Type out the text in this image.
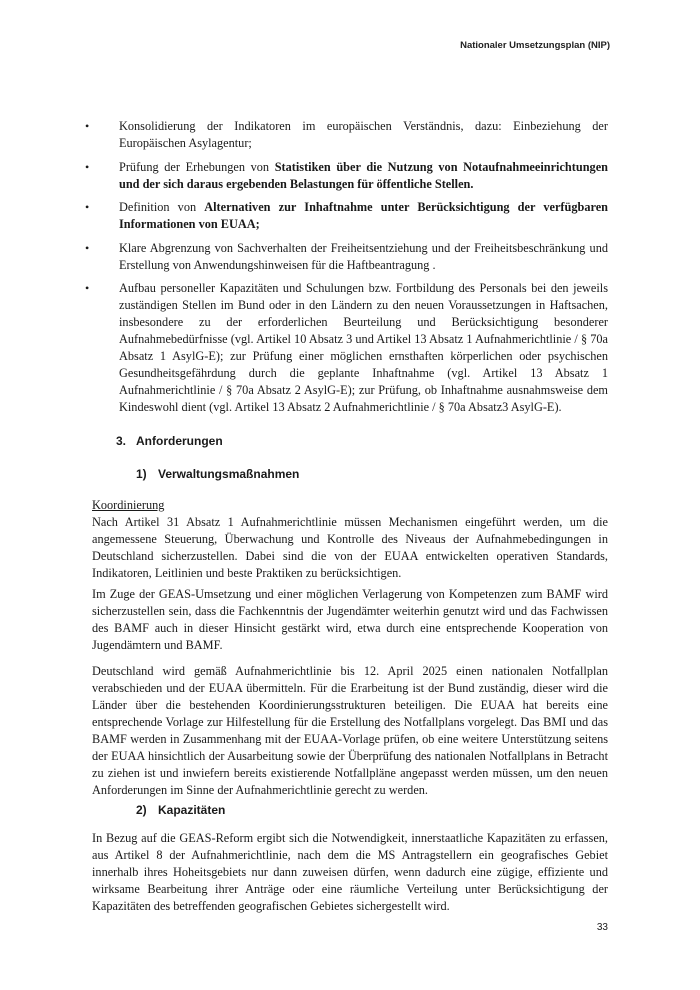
Nationaler Umsetzungsplan (NIP)
• Konsolidierung der Indikatoren im europäischen Verständnis, dazu: Einbeziehung der Europäischen Asylagentur;
• Prüfung der Erhebungen von Statistiken über die Nutzung von Notaufnahmeeinrichtungen und der sich daraus ergebenden Belastungen für öffentliche Stellen.
• Definition von Alternativen zur Inhaftnahme unter Berücksichtigung der verfügbaren Informationen von EUAA;
• Klare Abgrenzung von Sachverhalten der Freiheitsentziehung und der Freiheitsbeschränkung und Erstellung von Anwendungshinweisen für die Haftbeantragung .
• Aufbau personeller Kapazitäten und Schulungen bzw. Fortbildung des Personals bei den jeweils zuständigen Stellen im Bund oder in den Ländern zu den neuen Voraussetzungen in Haftsachen, insbesondere zu der erforderlichen Beurteilung und Berücksichtigung besonderer Aufnahmebedürfnisse (vgl. Artikel 10 Absatz 3 und Artikel 13 Absatz 1 Aufnahmerichtlinie / § 70a Absatz 1 AsylG-E); zur Prüfung einer möglichen ernsthaften körperlichen oder psychischen Gesundheitsgefährdung durch die geplante Inhaftnahme (vgl. Artikel 13 Absatz 1 Aufnahmerichtlinie / § 70a Absatz 2 AsylG-E); zur Prüfung, ob Inhaftnahme ausnahmsweise dem Kindeswohl dient (vgl. Artikel 13 Absatz 2 Aufnahmerichtlinie / § 70a Absatz3 AsylG-E).
3. Anforderungen
1) Verwaltungsmaßnahmen
Koordinierung
Nach Artikel 31 Absatz 1 Aufnahmerichtlinie müssen Mechanismen eingeführt werden, um die angemessene Steuerung, Überwachung und Kontrolle des Niveaus der Aufnahmebedingungen in Deutschland sicherzustellen. Dabei sind die von der EUAA entwickelten operativen Standards, Indikatoren, Leitlinien und beste Praktiken zu berücksichtigen.

Im Zuge der GEAS-Umsetzung und einer möglichen Verlagerung von Kompetenzen zum BAMF wird sicherzustellen sein, dass die Fachkenntnis der Jugendämter weiterhin genutzt wird und das Fachwissen des BAMF auch in dieser Hinsicht gestärkt wird, etwa durch eine entsprechende Kooperation von Jugendämtern und BAMF.

Deutschland wird gemäß Aufnahmerichtlinie bis 12. April 2025 einen nationalen Notfallplan verabschieden und der EUAA übermitteln. Für die Erarbeitung ist der Bund zuständig, dieser wird die Länder über die bestehenden Koordinierungsstrukturen beteiligen. Die EUAA hat bereits eine entsprechende Vorlage zur Hilfestellung für die Erstellung des Notfallplans vorgelegt. Das BMI und das BAMF werden in Zusammenhang mit der EUAA-Vorlage prüfen, ob eine weitere Unterstützung seitens der EUAA hinsichtlich der Ausarbeitung sowie der Überprüfung des nationalen Notfallplans in Betracht zu ziehen ist und inwiefern bereits existierende Notfallpläne angepasst werden müssen, um den neuen Anforderungen im Sinne der Aufnahmerichtlinie gerecht zu werden.

2) Kapazitäten

In Bezug auf die GEAS-Reform ergibt sich die Notwendigkeit, innerstaatliche Kapazitäten zu erfassen, aus Artikel 8 der Aufnahmerichtlinie, nach dem die MS Antragstellern ein geografisches Gebiet innerhalb ihres Hoheitsgebiets nur dann zuweisen dürfen, wenn dadurch eine zügige, effiziente und wirksame Bearbeitung ihrer Anträge oder eine räumliche Verteilung unter Berücksichtigung der Kapazitäten des betreffenden geografischen Gebietes sichergestellt wird.

33
